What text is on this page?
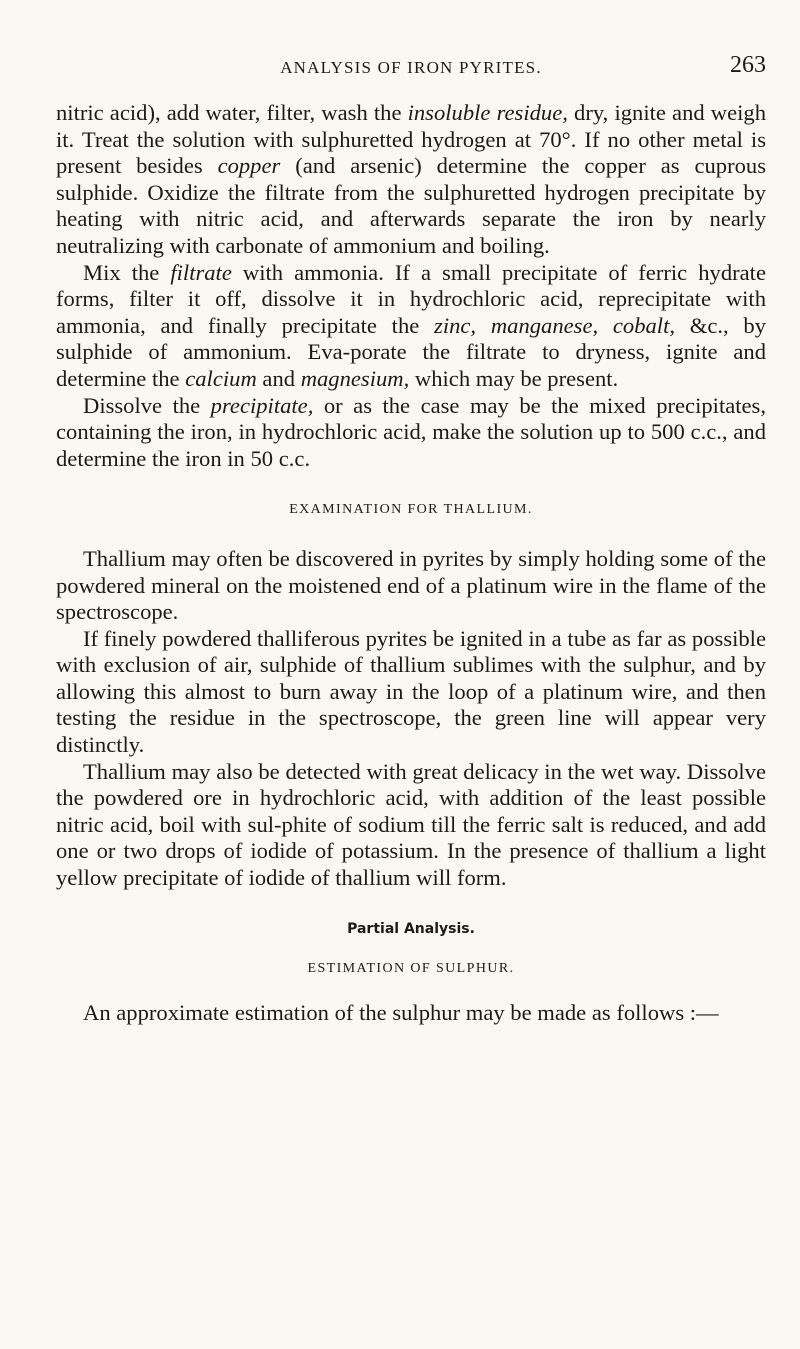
ANALYSIS OF IRON PYRITES.	263

nitric acid), add water, filter, wash the insoluble residue, dry, ignite and weigh it. Treat the solution with sulphuretted hydrogen at 70°. If no other metal is present besides copper (and arsenic) determine the copper as cuprous sulphide. Oxidize the filtrate from the sulphuretted hydrogen precipitate by heating with nitric acid, and afterwards separate the iron by nearly neutralizing with carbonate of ammonium and boiling.

Mix the filtrate with ammonia. If a small precipitate of ferric hydrate forms, filter it off, dissolve it in hydrochloric acid, reprecipitate with ammonia, and finally precipitate the zinc, manganese, cobalt, &c., by sulphide of ammonium. Eva-porate the filtrate to dryness, ignite and determine the calcium and magnesium, which may be present.

Dissolve the precipitate, or as the case may be the mixed precipitates, containing the iron, in hydrochloric acid, make the solution up to 500 c.c., and determine the iron in 50 c.c.

EXAMINATION FOR THALLIUM.

Thallium may often be discovered in pyrites by simply holding some of the powdered mineral on the moistened end of a platinum wire in the flame of the spectroscope.

If finely powdered thalliferous pyrites be ignited in a tube as far as possible with exclusion of air, sulphide of thallium sublimes with the sulphur, and by allowing this almost to burn away in the loop of a platinum wire, and then testing the residue in the spectroscope, the green line will appear very distinctly.

Thallium may also be detected with great delicacy in the wet way. Dissolve the powdered ore in hydrochloric acid, with addition of the least possible nitric acid, boil with sul-phite of sodium till the ferric salt is reduced, and add one or two drops of iodide of potassium. In the presence of thallium a light yellow precipitate of iodide of thallium will form.

Partial Analysis.
ESTIMATION OF SULPHUR.

An approximate estimation of the sulphur may be made as follows :—
